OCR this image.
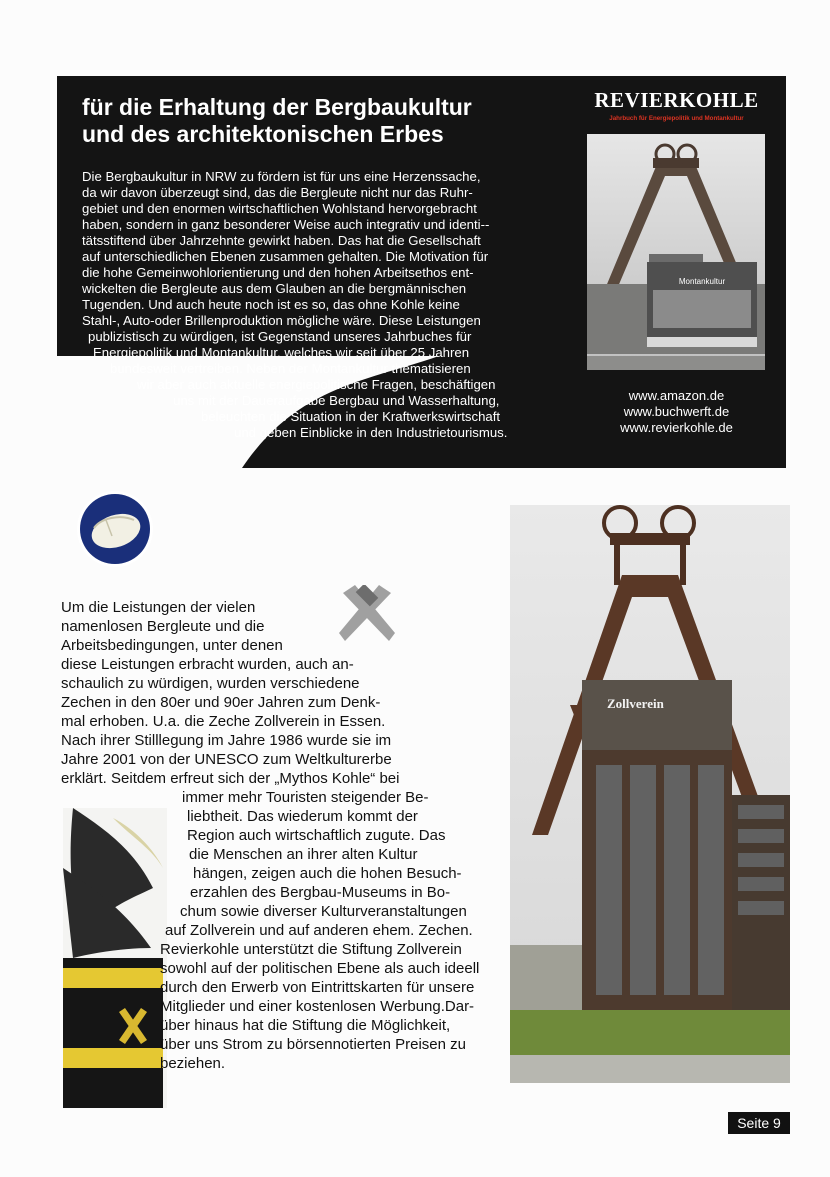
für die Erhaltung der Bergbaukultur
und des architektonischen Erbes
Die Bergbaukultur in NRW zu fördern ist für uns eine Herzenssache,
da wir davon überzeugt sind, das die Bergleute nicht nur das Ruhr-
gebiet und den enormen wirtschaftlichen Wohlstand hervorgebracht
haben, sondern in ganz besonderer Weise auch integrativ und identi--
tätsstiftend über Jahrzehnte gewirkt haben. Das hat die Gesellschaft
auf unterschiedlichen Ebenen zusammen gehalten. Die Motivation für
die hohe Gemeinwohlorientierung und den hohen Arbeitsethos ent-
wickelten die Bergleute aus dem Glauben an die bergmännischen
Tugenden. Und auch heute noch ist es so, das ohne Kohle keine
Stahl-, Auto-oder Brillenproduktion mögliche wäre. Diese Leistungen
publizistisch zu würdigen, ist Gegenstand unseres Jahrbuches für
Energiepolitik und Montankultur, welches wir seit über 25 Jahren
bundesweit vertreiben. Neben der Montankultur thematisieren
wir aber auch aktuelle energiepolitische Fragen, beschäftigen
uns mit der Daueraufgabe Bergbau und Wasserhaltung,
beleuchten die Situation in der Kraftwerkswirtschaft
und geben Einblicke in den Industrietourismus.
REVIERKOHLE
Jahrbuch für Energiepolitik und Montankultur
Montankultur
www.amazon.de
www.buchwerft.de
www.revierkohle.de
Zollverein
Um die Leistungen der vielen
namenlosen Bergleute und die
Arbeitsbedingungen, unter denen
diese Leistungen erbracht wurden, auch an-
schaulich zu würdigen, wurden verschiedene
Zechen in den 80er und 90er Jahren zum Denk-
mal erhoben. U.a. die Zeche Zollverein in Essen.
Nach ihrer Stilllegung im Jahre 1986 wurde sie im
Jahre 2001 von der UNESCO zum Weltkulturerbe
erklärt. Seitdem erfreut sich der „Mythos Kohle“ bei
immer mehr Touristen steigender Be-
liebtheit. Das wiederum kommt der
Region auch wirtschaftlich zugute. Das
die Menschen an ihrer alten Kultur
hängen, zeigen auch die hohen Besuch-
erzahlen des Bergbau-Museums in Bo-
chum sowie diverser Kulturveranstaltungen
auf Zollverein und auf anderen ehem. Zechen.
Revierkohle unterstützt die Stiftung Zollverein
sowohl auf der politischen Ebene als auch ideell
durch den Erwerb von Eintrittskarten für unsere
Mitglieder und einer kostenlosen Werbung.Dar-
über hinaus hat die Stiftung die Möglichkeit,
über uns Strom zu börsennotierten Preisen zu
beziehen.
Seite 9
